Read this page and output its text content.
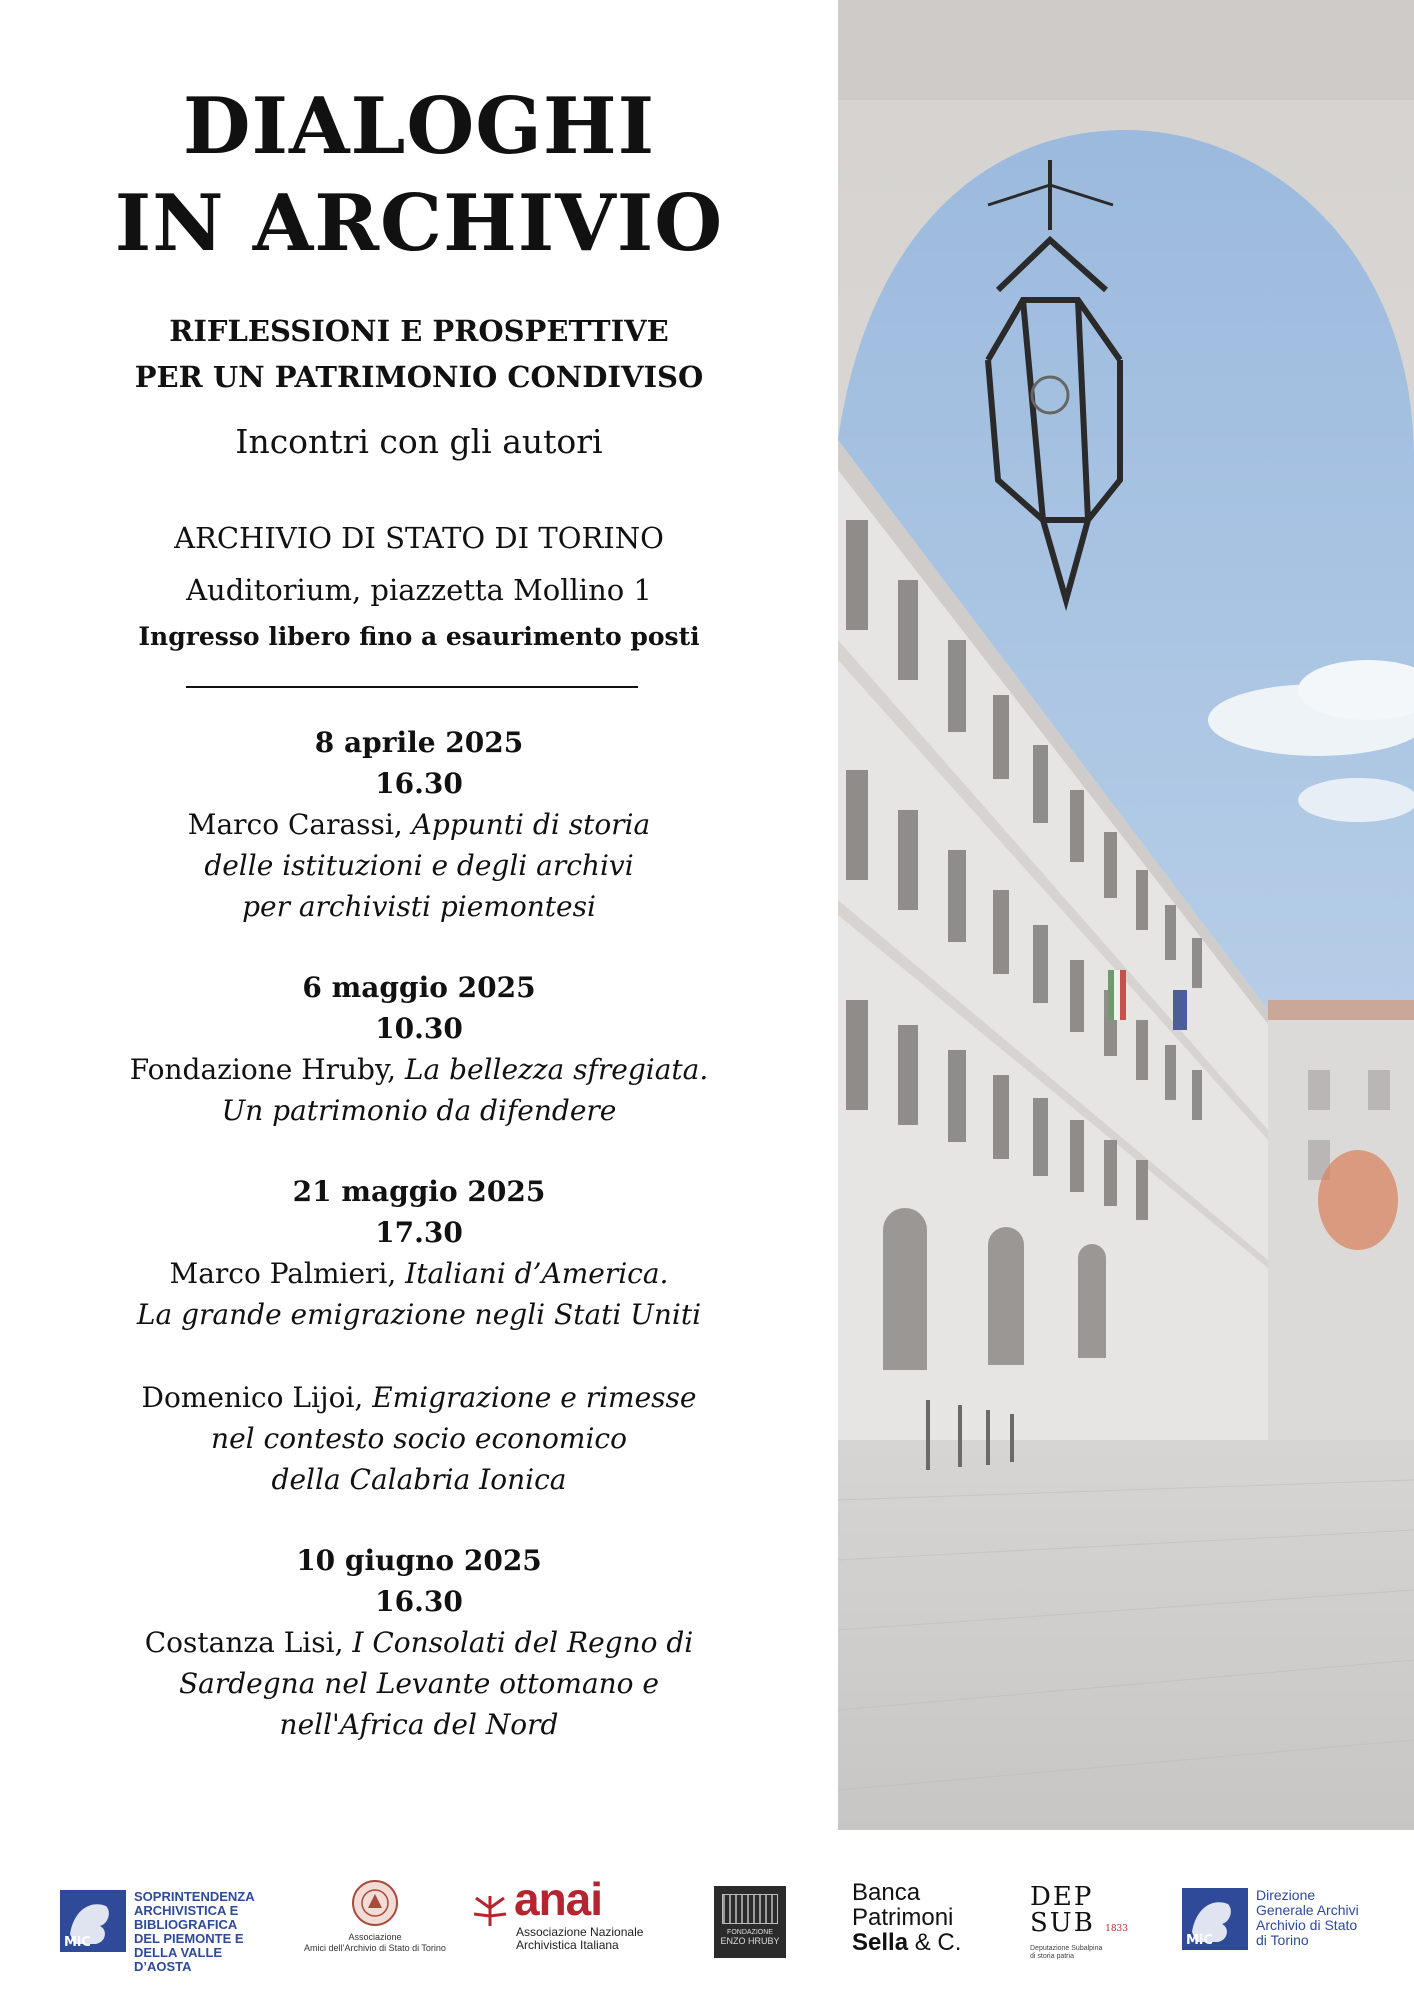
DIALOGHI
IN ARCHIVIO
RIFLESSIONI E PROSPETTIVE
PER UN PATRIMONIO CONDIVISO
Incontri con gli autori
ARCHIVIO DI STATO DI TORINO
Auditorium, piazzetta Mollino 1
Ingresso libero fino a esaurimento posti
8 aprile 2025
16.30
Marco Carassi, Appunti di storia
delle istituzioni e degli archivi
per archivisti piemontesi
6 maggio 2025
10.30
Fondazione Hruby, La bellezza sfregiata.
Un patrimonio da difendere
21 maggio 2025
17.30
Marco Palmieri, Italiani d’America.
La grande emigrazione negli Stati Uniti
Domenico Lijoi, Emigrazione e rimesse
nel contesto socio economico
della Calabria Ionica
10 giugno 2025
16.30
Costanza Lisi, I Consolati del Regno di
Sardegna nel Levante ottomano e
nell'Africa del Nord
MiC
SOPRINTENDENZA
ARCHIVISTICA E
BIBLIOGRAFICA
DEL PIEMONTE E
DELLA VALLE D’AOSTA
Associazione
Amici dell’Archivio di Stato di Torino
anai
Associazione Nazionale
Archivistica Italiana
FONDAZIONE
ENZO HRUBY
Banca
Patrimoni
Sella & C.
DEP
SUB 1833
Deputazione Subalpina
di storia patria
MiC
Direzione
Generale Archivi
Archivio di Stato
di Torino
